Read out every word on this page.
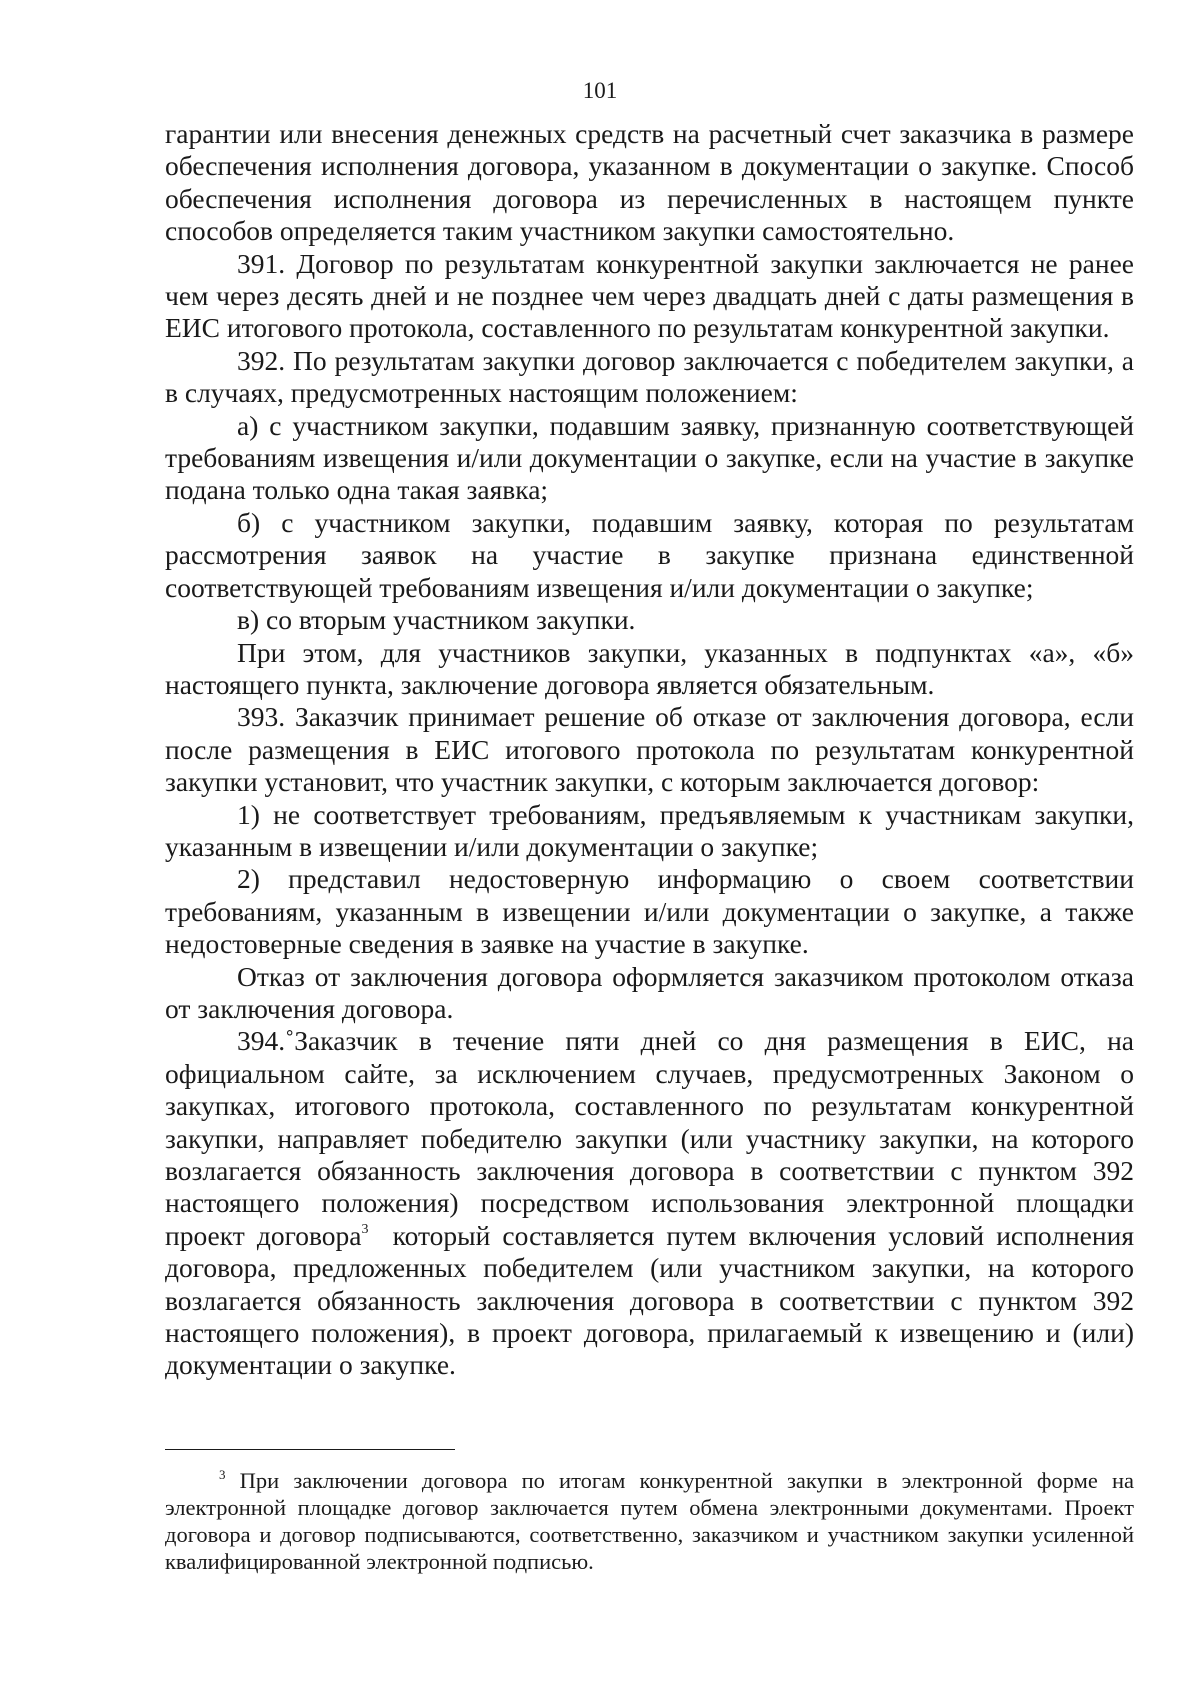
101

гарантии или внесения денежных средств на расчетный счет заказчика в размере обеспечения исполнения договора, указанном в документации о закупке. Способ обеспечения исполнения договора из перечисленных в настоящем пункте способов определяется таким участником закупки самостоятельно.

391. Договор по результатам конкурентной закупки заключается не ранее чем через десять дней и не позднее чем через двадцать дней с даты размещения в ЕИС итогового протокола, составленного по результатам конкурентной закупки.

392. По результатам закупки договор заключается с победителем закупки, а в случаях, предусмотренных настоящим положением:

а) с участником закупки, подавшим заявку, признанную соответствующей требованиям извещения и/или документации о закупке, если на участие в закупке подана только одна такая заявка;

б) с участником закупки, подавшим заявку, которая по результатам рассмотрения заявок на участие в закупке признана единственной соответствующей требованиям извещения и/или документации о закупке;

в) со вторым участником закупки.

При этом, для участников закупки, указанных в подпунктах «а», «б» настоящего пункта, заключение договора является обязательным.

393. Заказчик принимает решение об отказе от заключения договора, если после размещения в ЕИС итогового протокола по результатам конкурентной закупки установит, что участник закупки, с которым заключается договор:

1) не соответствует требованиям, предъявляемым к участникам закупки, указанным в извещении и/или документации о закупке;

2) представил недостоверную информацию о своем соответствии требованиям, указанным в извещении и/или документации о закупке, а также недостоверные сведения в заявке на участие в закупке.

Отказ от заключения договора оформляется заказчиком протоколом отказа от заключения договора.

394.˚Заказчик в течение пяти дней со дня размещения в ЕИС, на официальном сайте, за исключением случаев, предусмотренных Законом о закупках, итогового протокола, составленного по результатам конкурентной закупки, направляет победителю закупки (или участнику закупки, на которого возлагается обязанность заключения договора в соответствии с пунктом 392 настоящего положения) посредством использования электронной площадки проект договора$^3$  который составляется путем включения условий исполнения договора, предложенных победителем (или участником закупки, на которого возлагается обязанность заключения договора в соответствии с пунктом 392 настоящего положения), в проект договора, прилагаемый к извещению и (или) документации о закупке.

$^3$ При заключении договора по итогам конкурентной закупки в электронной форме на электронной площадке договор заключается путем обмена электронными документами. Проект договора и договор подписываются, соответственно, заказчиком и участником закупки усиленной квалифицированной электронной подписью.
